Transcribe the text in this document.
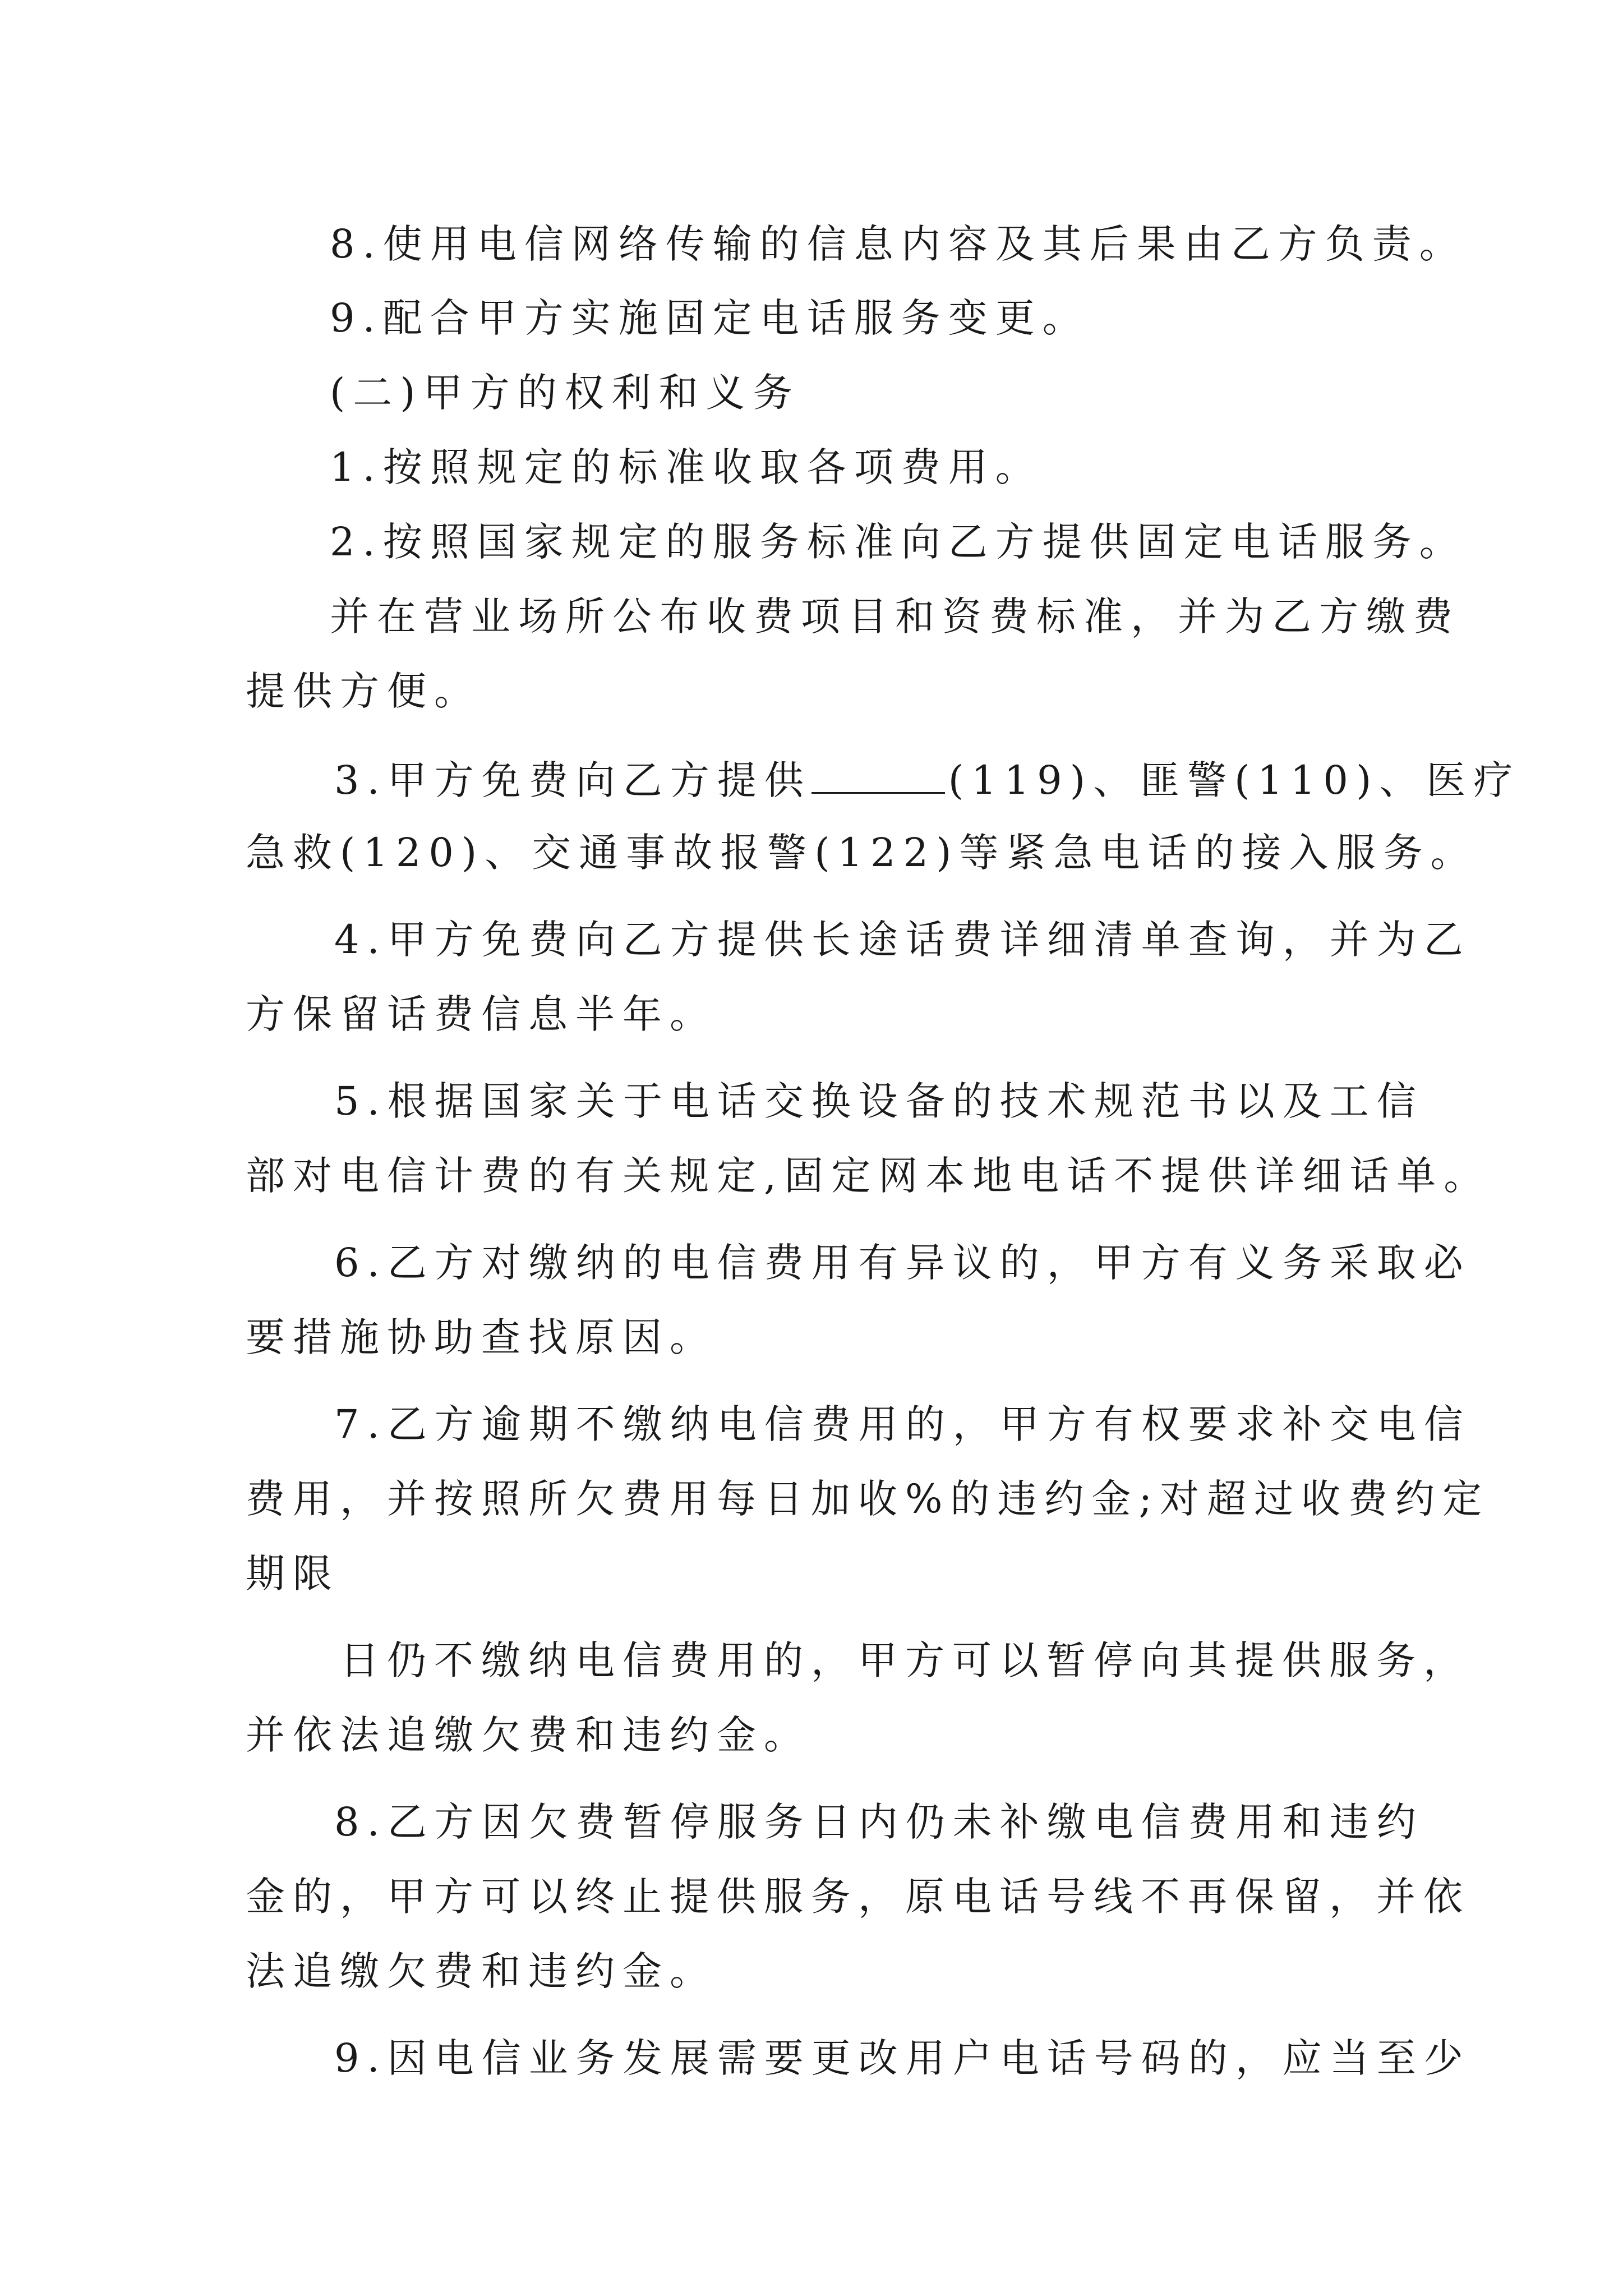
8.使用电信网络传输的信息内容及其后果由乙方负责。
9.配合甲方实施固定电话服务变更。
(二)甲方的权利和义务
1.按照规定的标准收取各项费用。
2.按照国家规定的服务标准向乙方提供固定电话服务。
并在营业场所公布收费项目和资费标准，并为乙方缴费
提供方便。
3.甲方免费向乙方提供	(119)、匪警(110)、医疗
急救(120)、交通事故报警(122)等紧急电话的接入服务。
4.甲方免费向乙方提供长途话费详细清单查询，并为乙
方保留话费信息半年。
5.根据国家关于电话交换设备的技术规范书以及工信
部对电信计费的有关规定,固定网本地电话不提供详细话单。
6.乙方对缴纳的电信费用有异议的，甲方有义务采取必
要措施协助查找原因。
7.乙方逾期不缴纳电信费用的，甲方有权要求补交电信
费用，并按照所欠费用每日加收%的违约金;对超过收费约定
期限
日仍不缴纳电信费用的，甲方可以暂停向其提供服务，
并依法追缴欠费和违约金。
8.乙方因欠费暂停服务日内仍未补缴电信费用和违约
金的，甲方可以终止提供服务，原电话号线不再保留，并依
法追缴欠费和违约金。
9.因电信业务发展需要更改用户电话号码的，应当至少
